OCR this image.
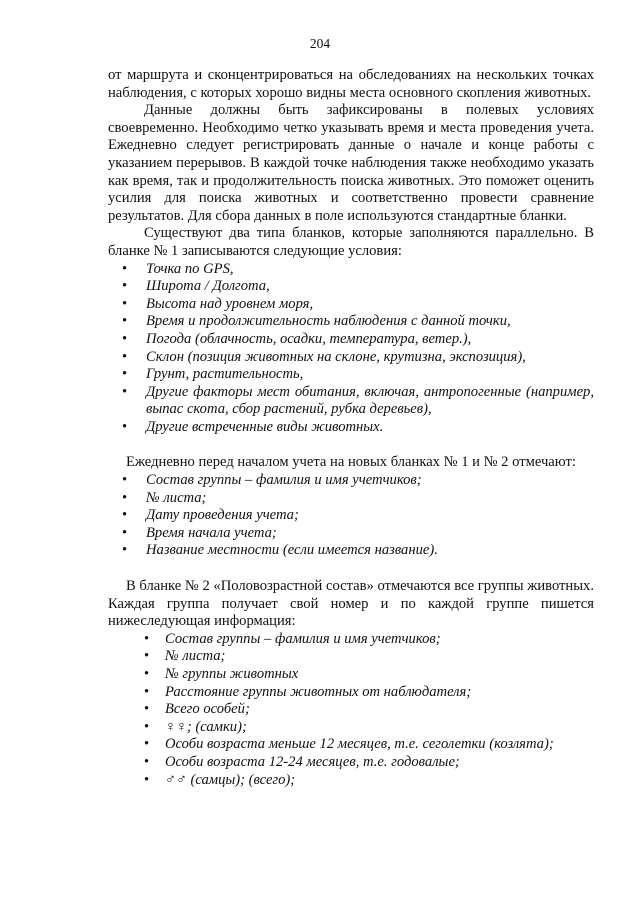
204

от маршрута и сконцентрироваться на обследованиях на нескольких точках наблюдения, с которых хорошо видны места основного скопления животных.

Данные должны быть зафиксированы в полевых условиях своевременно. Необходимо четко указывать время и места проведения учета. Ежедневно следует регистрировать данные о начале и конце работы с указанием перерывов. В каждой точке наблюдения также необходимо указать как время, так и продолжительность поиска животных. Это поможет оценить усилия для поиска животных и соответственно провести сравнение результатов. Для сбора данных в поле используются стандартные бланки.

Существуют два типа бланков, которые заполняются параллельно. В бланке № 1 записываются следующие условия:

• Точка по GPS,
• Широта / Долгота,
• Высота над уровнем моря,
• Время и продолжительность наблюдения с данной точки,
• Погода (облачность, осадки, температура, ветер.),
• Склон (позиция животных на склоне, крутизна, экспозиция),
• Грунт, растительность,
• Другие факторы мест обитания, включая, антропогенные (например, выпас скота, сбор растений, рубка деревьев),
• Другие встреченные виды животных.

Ежедневно перед началом учета на новых бланках № 1 и № 2 отмечают:

• Состав группы – фамилия и имя учетчиков;
• № листа;
• Дату проведения учета;
• Время начала учета;
• Название местности (если имеется название).

В бланке № 2 «Половозрастной состав» отмечаются все группы животных. Каждая группа получает свой номер и по каждой группе пишется нижеследующая информация:

• Состав группы – фамилия и имя учетчиков;
• № листа;
• № группы животных
• Расстояние группы животных от наблюдателя;
• Всего особей;
• ♀♀; (самки);
• Особи возраста меньше 12 месяцев, т.е. сеголетки (козлята);
• Особи возраста 12-24 месяцев, т.е. годовалые;
• ♂♂ (самцы); (всего);
